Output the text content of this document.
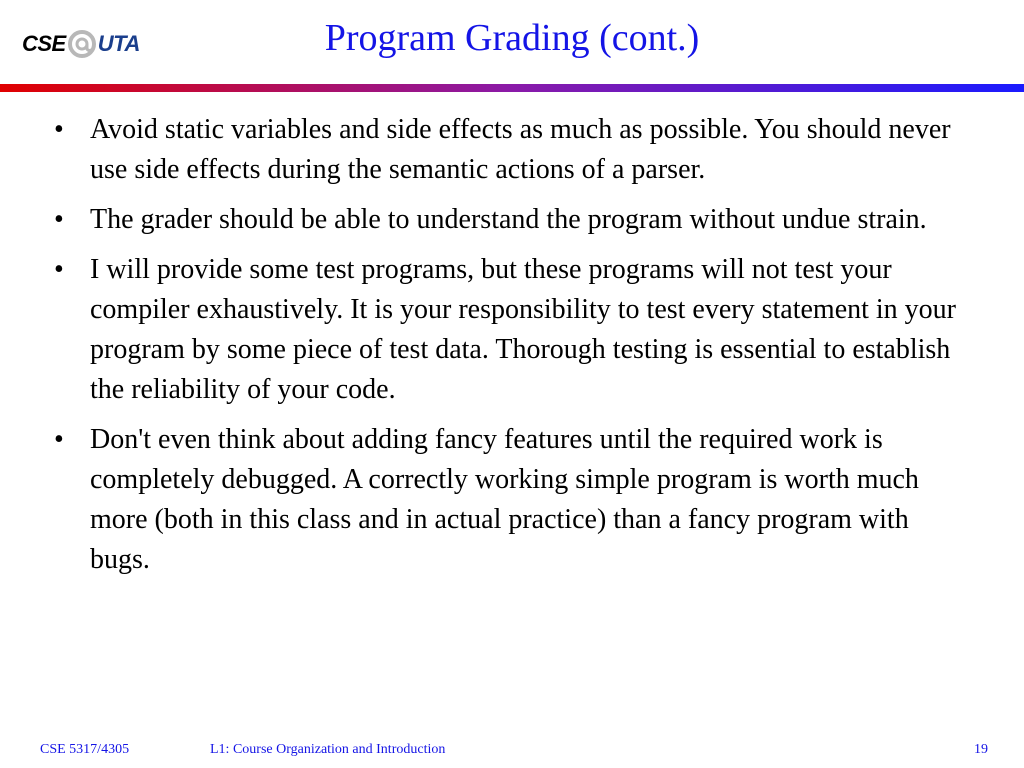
CSE UTA	Program Grading (cont.)
• Avoid static variables and side effects as much as possible. You should never use side effects during the semantic actions of a parser.
• The grader should be able to understand the program without undue strain.
• I will provide some test programs, but these programs will not test your compiler exhaustively. It is your responsibility to test every statement in your program by some piece of test data. Thorough testing is essential to establish the reliability of your code.
• Don't even think about adding fancy features until the required work is completely debugged. A correctly working simple program is worth much more (both in this class and in actual practice) than a fancy program with bugs.
CSE 5317/4305	L1: Course Organization and Introduction	19
